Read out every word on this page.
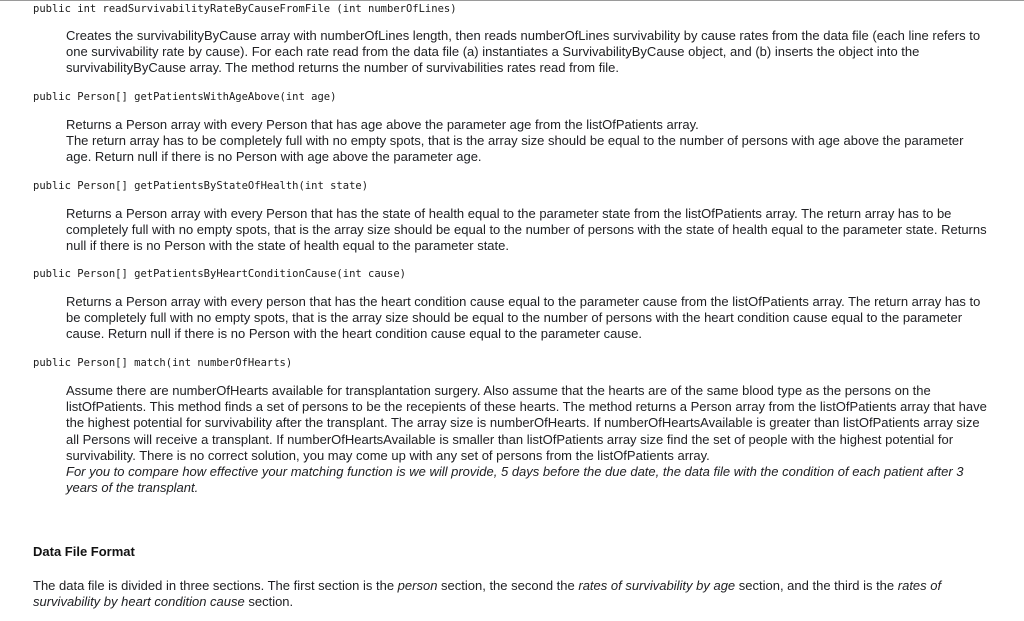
public int readSurvivabilityRateByCauseFromFile (int numberOfLines)

Creates the survivabilityByCause array with numberOfLines length, then reads numberOfLines survivability by cause rates from the data file (each line refers to one survivability rate by cause). For each rate read from the data file (a) instantiates a SurvivabilityByCause object, and (b) inserts the object into the survivabilityByCause array. The method returns the number of survivabilities rates read from file.

public Person[] getPatientsWithAgeAbove(int age)

Returns a Person array with every Person that has age above the parameter age from the listOfPatients array.

The return array has to be completely full with no empty spots, that is the array size should be equal to the number of persons with age above the parameter age. Return null if there is no Person with age above the parameter age.

public Person[] getPatientsByStateOfHealth(int state)

Returns a Person array with every Person that has the state of health equal to the parameter state from the listOfPatients array. The return array has to be completely full with no empty spots, that is the array size should be equal to the number of persons with the state of health equal to the parameter state. Returns null if there is no Person with the state of health equal to the parameter state.

public Person[] getPatientsByHeartConditionCause(int cause)

Returns a Person array with every person that has the heart condition cause equal to the parameter cause from the listOfPatients array. The return array has to be completely full with no empty spots, that is the array size should be equal to the number of persons with the heart condition cause equal to the parameter cause. Return null if there is no Person with the heart condition cause equal to the parameter cause.

public Person[] match(int numberOfHearts)

Assume there are numberOfHearts available for transplantation surgery. Also assume that the hearts are of the same blood type as the persons on the listOfPatients. This method finds a set of persons to be the recepients of these hearts. The method returns a Person array from the listOfPatients array that have the highest potential for survivability after the transplant. The array size is numberOfHearts. If numberOfHeartsAvailable is greater than listOfPatients array size all Persons will receive a transplant. If numberOfHeartsAvailable is smaller than listOfPatients array size find the set of people with the highest potential for survivability. There is no correct solution, you may come up with any set of persons from the listOfPatients array.

For you to compare how effective your matching function is we will provide, 5 days before the due date, the data file with the condition of each patient after 3 years of the transplant.

Data File Format

The data file is divided in three sections. The first section is the person section, the second the rates of survivability by age section, and the third is the rates of survivability by heart condition cause section.
